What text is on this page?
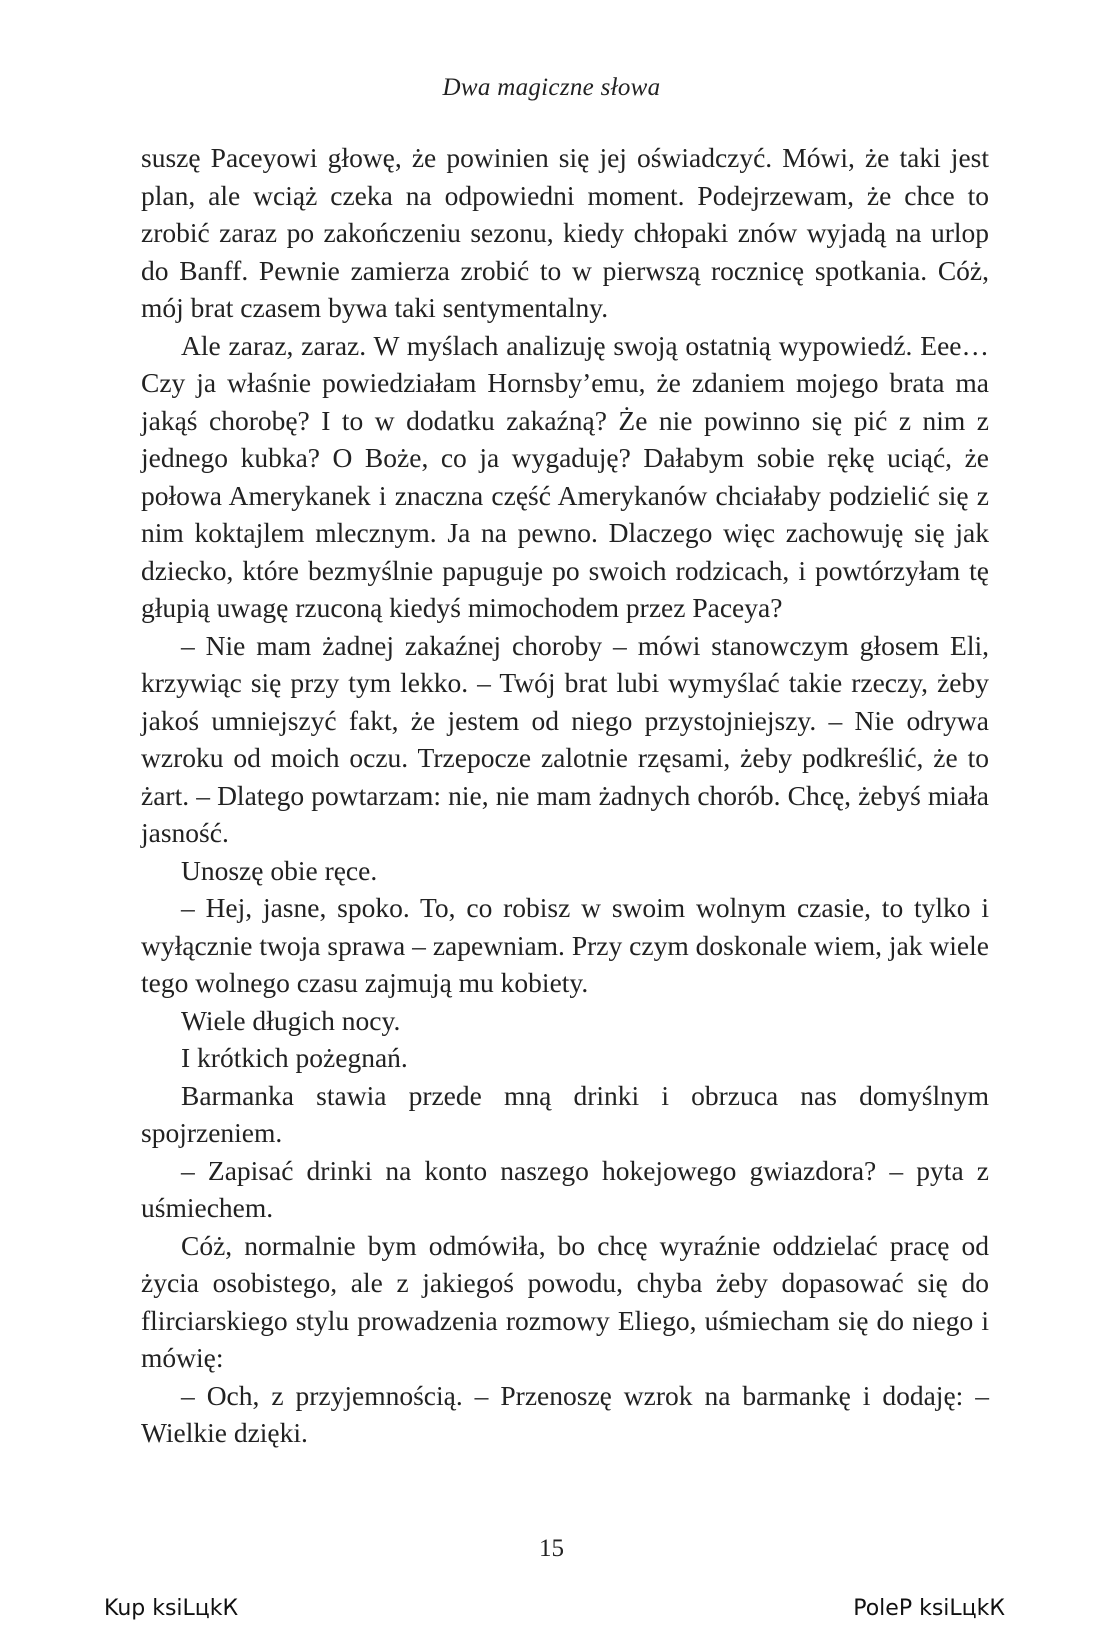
Dwa magiczne słowa

suszę Paceyowi głowę, że powinien się jej oświadczyć. Mówi, że taki jest plan, ale wciąż czeka na odpowiedni moment. Podejrzewam, że chce to zrobić zaraz po zakończeniu sezonu, kiedy chłopaki znów wyjadą na urlop do Banff. Pewnie zamierza zrobić to w pierwszą rocznicę spotkania. Cóż, mój brat czasem bywa taki sentymentalny.

Ale zaraz, zaraz. W myślach analizuję swoją ostatnią wypowiedź. Eee… Czy ja właśnie powiedziałam Hornsby’emu, że zdaniem mojego brata ma jakąś chorobę? I to w dodatku zakaźną? Że nie powinno się pić z nim z jednego kubka? O Boże, co ja wygaduję? Dałabym sobie rękę uciąć, że połowa Amerykanek i znaczna część Amerykanów chciałaby podzielić się z nim koktajlem mlecznym. Ja na pewno. Dlaczego więc zachowuję się jak dziecko, które bezmyślnie papuguje po swoich rodzicach, i powtórzyłam tę głupią uwagę rzuconą kiedyś mimochodem przez Paceya?

– Nie mam żadnej zakaźnej choroby – mówi stanowczym głosem Eli, krzywiąc się przy tym lekko. – Twój brat lubi wymyślać takie rzeczy, żeby jakoś umniejszyć fakt, że jestem od niego przystojniejszy. – Nie odrywa wzroku od moich oczu. Trzepocze zalotnie rzęsami, żeby podkreślić, że to żart. – Dlatego powtarzam: nie, nie mam żadnych chorób. Chcę, żebyś miała jasność.

Unoszę obie ręce.

– Hej, jasne, spoko. To, co robisz w swoim wolnym czasie, to tylko i wyłącznie twoja sprawa – zapewniam. Przy czym doskonale wiem, jak wiele tego wolnego czasu zajmują mu kobiety.

Wiele długich nocy.

I krótkich pożegnań.

Barmanka stawia przede mną drinki i obrzuca nas domyślnym spojrzeniem.

– Zapisać drinki na konto naszego hokejowego gwiazdora? – pyta z uśmiechem.

Cóż, normalnie bym odmówiła, bo chcę wyraźnie oddzielać pracę od życia osobistego, ale z jakiegoś powodu, chyba żeby dopasować się do flirciarskiego stylu prowadzenia rozmowy Eliego, uśmiecham się do niego i mówię:

– Och, z przyjemnością. – Przenoszę wzrok na barmankę i dodaję: – Wielkie dzięki.

15
Kup ksiLцkК	PoleР ksiLцkК
